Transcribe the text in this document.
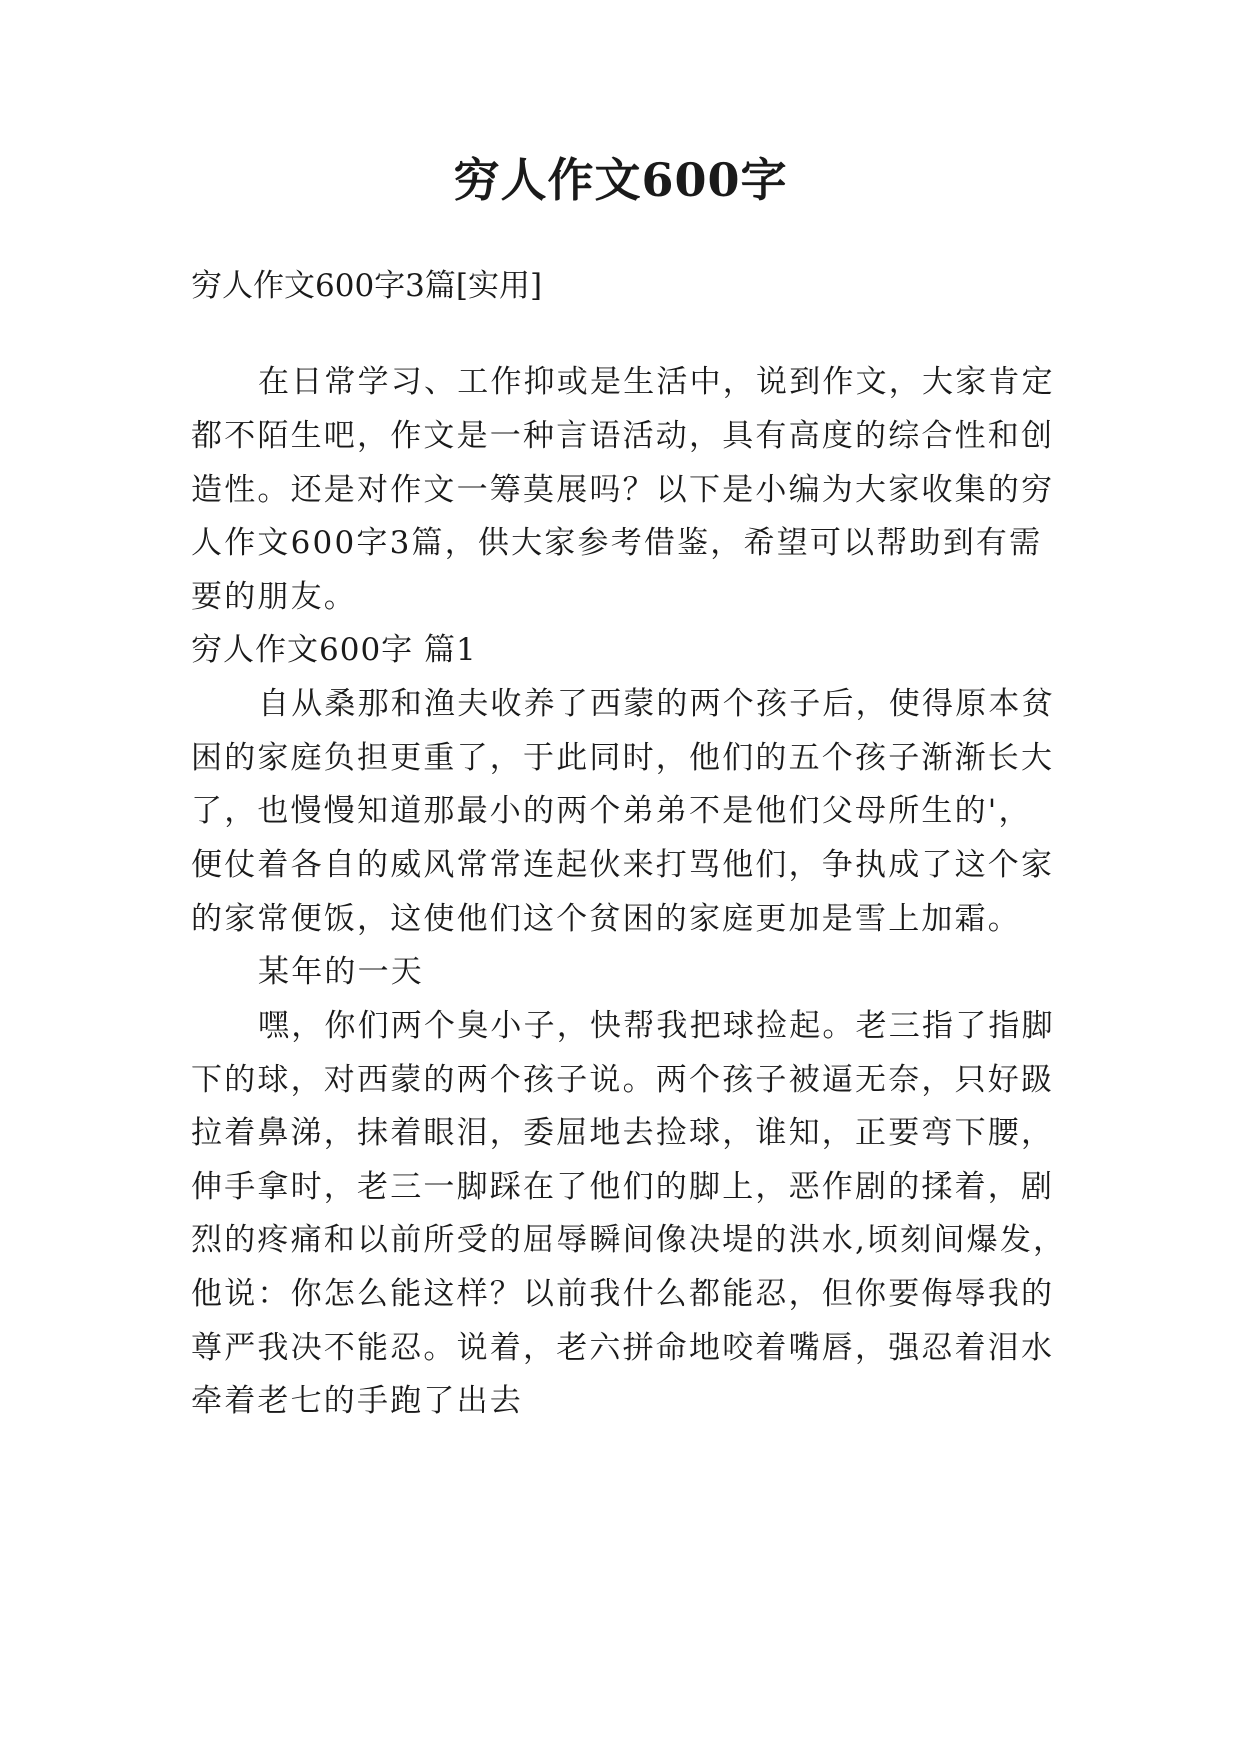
穷人作文600字
穷人作文600字3篇[实用]
在日常学习、工作抑或是生活中，说到作文，大家肯定
都不陌生吧，作文是一种言语活动，具有高度的综合性和创
造性。还是对作文一筹莫展吗？以下是小编为大家收集的穷
人作文600字3篇，供大家参考借鉴，希望可以帮助到有需
要的朋友。
穷人作文600字 篇1
自从桑那和渔夫收养了西蒙的两个孩子后，使得原本贫
困的家庭负担更重了，于此同时，他们的五个孩子渐渐长大
了，也慢慢知道那最小的两个弟弟不是他们父母所生的'，
便仗着各自的威风常常连起伙来打骂他们，争执成了这个家
的家常便饭，这使他们这个贫困的家庭更加是雪上加霜。
某年的一天
嘿，你们两个臭小子，快帮我把球捡起。老三指了指脚
下的球，对西蒙的两个孩子说。两个孩子被逼无奈，只好趿
拉着鼻涕，抹着眼泪，委屈地去捡球，谁知，正要弯下腰，
伸手拿时，老三一脚踩在了他们的脚上，恶作剧的揉着，剧
烈的疼痛和以前所受的屈辱瞬间像决堤的洪水,顷刻间爆发，
他说：你怎么能这样？以前我什么都能忍，但你要侮辱我的
尊严我决不能忍。说着，老六拼命地咬着嘴唇，强忍着泪水
牵着老七的手跑了出去
